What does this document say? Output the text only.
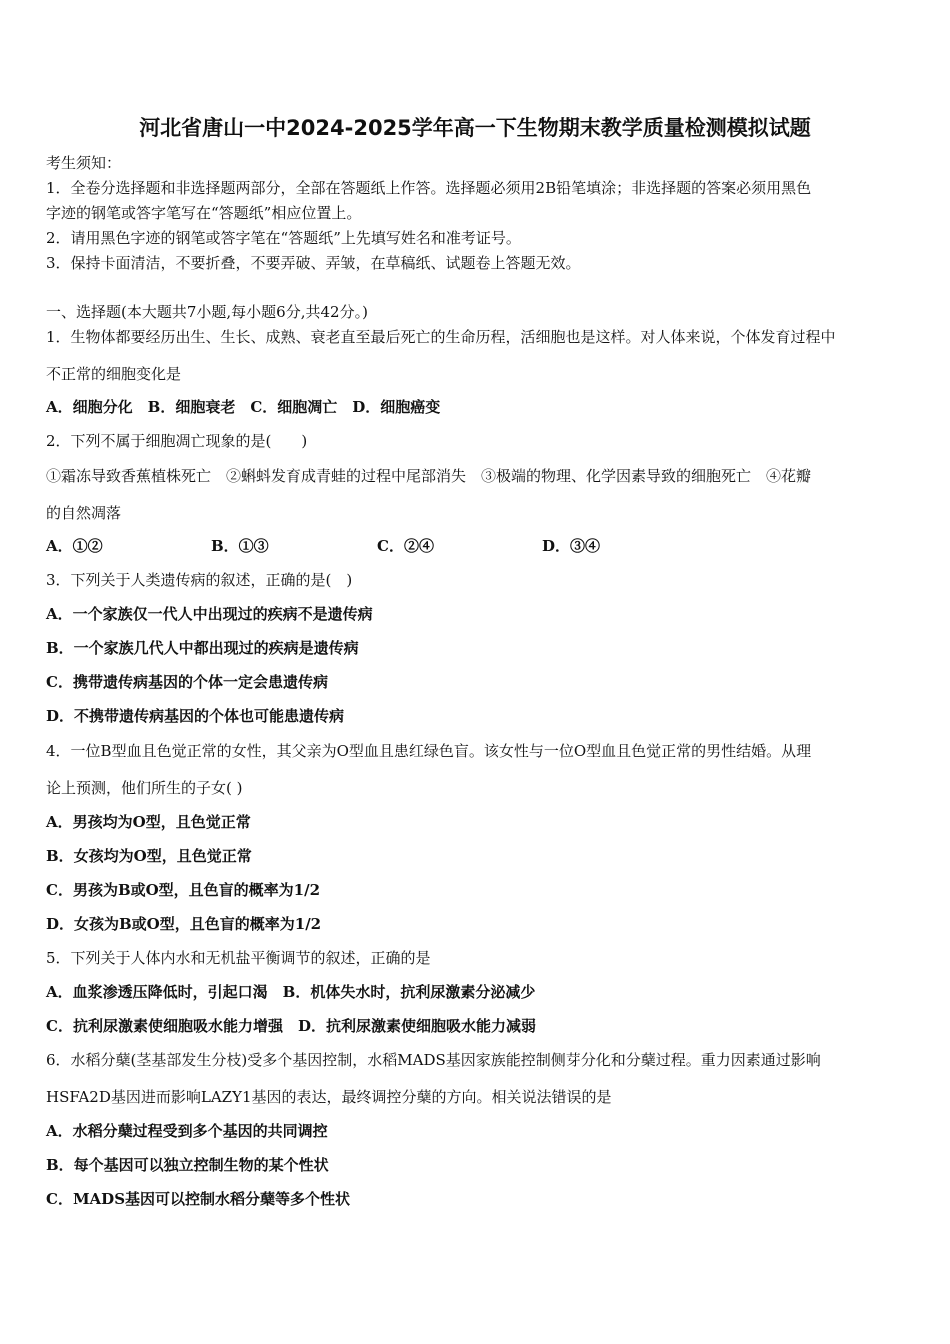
河北省唐山一中2024-2025学年高一下生物期末教学质量检测模拟试题
考生须知：
1．全卷分选择题和非选择题两部分，全部在答题纸上作答。选择题必须用2B铅笔填涂；非选择题的答案必须用黑色
字迹的钢笔或答字笔写在“答题纸”相应位置上。
2．请用黑色字迹的钢笔或答字笔在“答题纸”上先填写姓名和准考证号。
3．保持卡面清洁，不要折叠，不要弄破、弄皱，在草稿纸、试题卷上答题无效。
一、选择题(本大题共7小题,每小题6分,共42分。)
1．生物体都要经历出生、生长、成熟、衰老直至最后死亡的生命历程，活细胞也是这样。对人体来说，个体发育过程中
不正常的细胞变化是
A．细胞分化　B．细胞衰老　C．细胞凋亡　D．细胞癌变
2．下列不属于细胞凋亡现象的是(　　)
①霜冻导致香蕉植株死亡　②蝌蚪发育成青蛙的过程中尾部消失　③极端的物理、化学因素导致的细胞死亡　④花瓣
的自然凋落
A．①②	B．①③	C．②④	D．③④
3．下列关于人类遗传病的叙述，正确的是(　)
A．一个家族仅一代人中出现过的疾病不是遗传病
B．一个家族几代人中都出现过的疾病是遗传病
C．携带遗传病基因的个体一定会患遗传病
D．不携带遗传病基因的个体也可能患遗传病
4．一位B型血且色觉正常的女性，其父亲为O型血且患红绿色盲。该女性与一位O型血且色觉正常的男性结婚。从理
论上预测，他们所生的子女( )
A．男孩均为O型，且色觉正常
B．女孩均为O型，且色觉正常
C．男孩为B或O型，且色盲的概率为1/2
D．女孩为B或O型，且色盲的概率为1/2
5．下列关于人体内水和无机盐平衡调节的叙述，正确的是
A．血浆渗透压降低时，引起口渴　B．机体失水时，抗利尿激素分泌减少
C．抗利尿激素使细胞吸水能力增强　D．抗利尿激素使细胞吸水能力减弱
6．水稻分蘖(茎基部发生分枝)受多个基因控制，水稻MADS基因家族能控制侧芽分化和分蘖过程。重力因素通过影响
HSFA2D基因进而影响LAZY1基因的表达，最终调控分蘖的方向。相关说法错误的是
A．水稻分蘖过程受到多个基因的共同调控
B．每个基因可以独立控制生物的某个性状
C．MADS基因可以控制水稻分蘖等多个性状
